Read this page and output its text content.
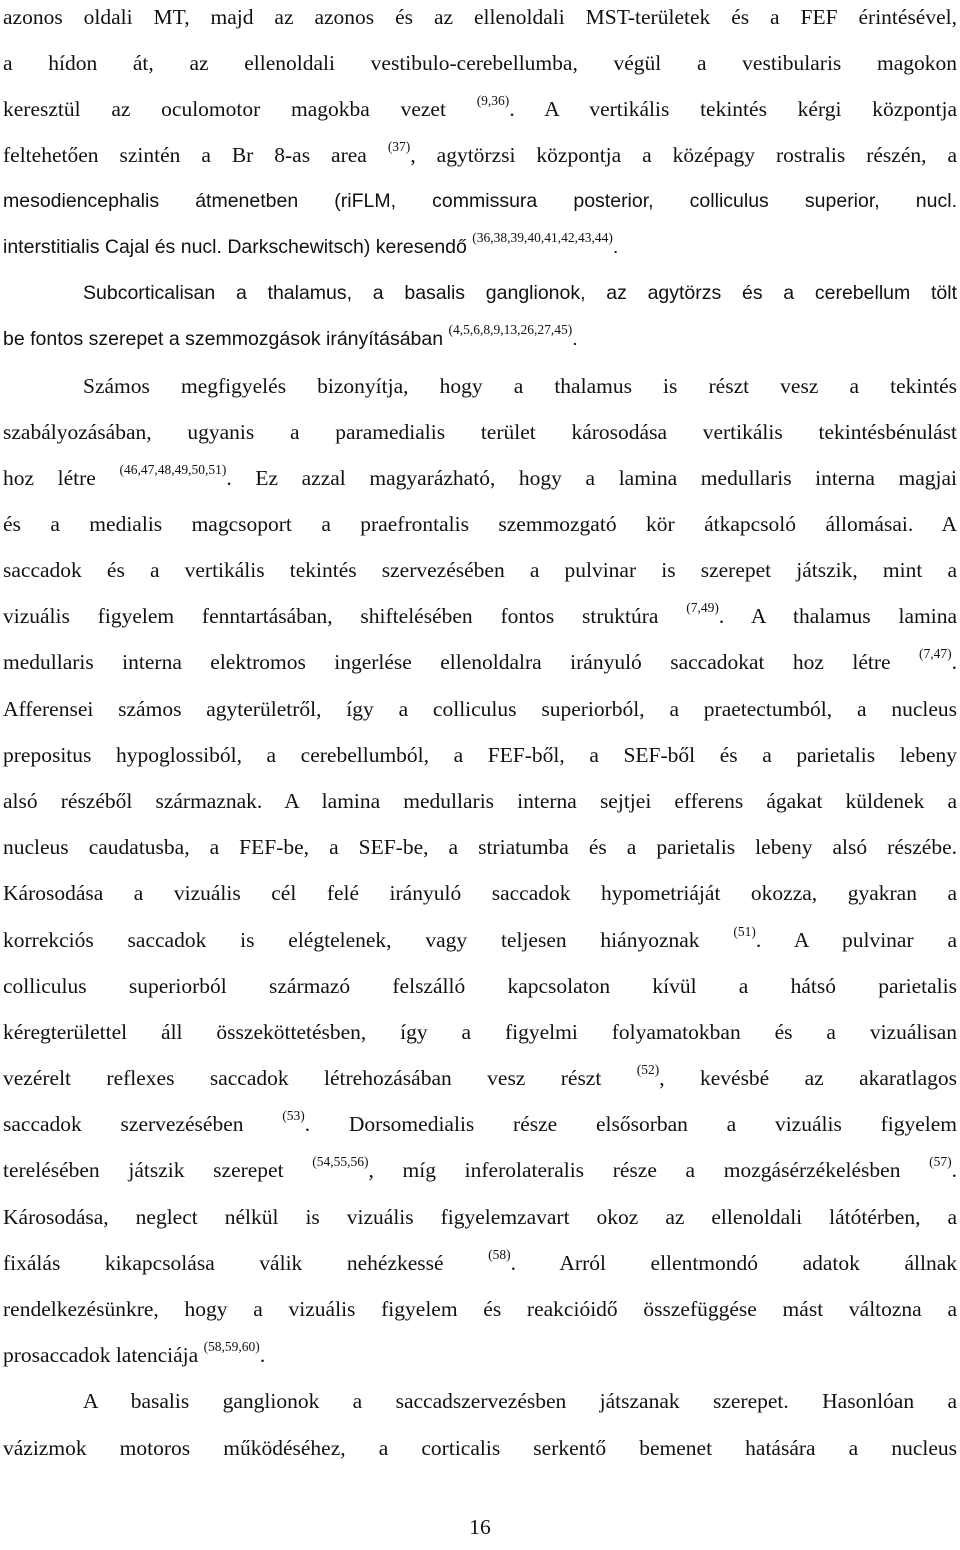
azonos oldali MT, majd az azonos és az ellenoldali MST-területek és a FEF érintésével,
a hídon át, az ellenoldali vestibulo-cerebellumba, végül a vestibularis magokon
keresztül az oculomotor magokba vezet $^{(9,36)}$. A vertikális tekintés kérgi központja
feltehetően szintén a Br 8-as area $^{(37)}$, agytörzsi központja a középagy rostralis részén, a
mesodiencephalis átmenetben (riFLM, commissura posterior, colliculus superior, nucl.
interstitialis Cajal és nucl. Darkschewitsch) keresendő $^{(36,38,39,40,41,42,43,44)}$.
Subcorticalisan a thalamus, a basalis ganglionok, az agytörzs és a cerebellum tölt
be fontos szerepet a szemmozgások irányításában $^{(4,5,6,8,9,13,26,27,45)}$.
Számos megfigyelés bizonyítja, hogy a thalamus is részt vesz a tekintés
szabályozásában, ugyanis a paramedialis terület károsodása vertikális tekintésbénulást
hoz létre $^{(46,47,48,49,50,51)}$. Ez azzal magyarázható, hogy a lamina medullaris interna magjai
és a medialis magcsoport a praefrontalis szemmozgató kör átkapcsoló állomásai. A
saccadok és a vertikális tekintés szervezésében a pulvinar is szerepet játszik, mint a
vizuális figyelem fenntartásában, shiftelésében fontos struktúra $^{(7,49)}$. A thalamus lamina
medullaris interna elektromos ingerlése ellenoldalra irányuló saccadokat hoz létre $^{(7,47)}$.
Afferensei számos agyterületről, így a colliculus superiorból, a praetectumból, a nucleus
prepositus hypoglossiból, a cerebellumból, a FEF-ből, a SEF-ből és a parietalis lebeny
alsó részéből származnak. A lamina medullaris interna sejtjei efferens ágakat küldenek a
nucleus caudatusba, a FEF-be, a SEF-be, a striatumba és a parietalis lebeny alsó részébe.
Károsodása a vizuális cél felé irányuló saccadok hypometriáját okozza, gyakran a
korrekciós saccadok is elégtelenek, vagy teljesen hiányoznak $^{(51)}$. A pulvinar a
colliculus superiorból származó felszálló kapcsolaton kívül a hátsó parietalis
kéregterülettel áll összeköttetésben, így a figyelmi folyamatokban és a vizuálisan
vezérelt reflexes saccadok létrehozásában vesz részt $^{(52)}$, kevésbé az akaratlagos
saccadok szervezésében $^{(53)}$. Dorsomedialis része elsősorban a vizuális figyelem
terelésében játszik szerepet $^{(54,55,56)}$, míg inferolateralis része a mozgásérzékelésben $^{(57)}$.
Károsodása, neglect nélkül is vizuális figyelemzavart okoz az ellenoldali látótérben, a
fixálás kikapcsolása válik nehézkessé $^{(58)}$. Arról ellentmondó adatok állnak
rendelkezésünkre, hogy a vizuális figyelem és reakcióidő összefüggése mást változna a
prosaccadok latenciája $^{(58,59,60)}$.
A basalis ganglionok a saccadszervezésben játszanak szerepet. Hasonlóan a
vázizmok motoros működéséhez, a corticalis serkentő bemenet hatására a nucleus
16
